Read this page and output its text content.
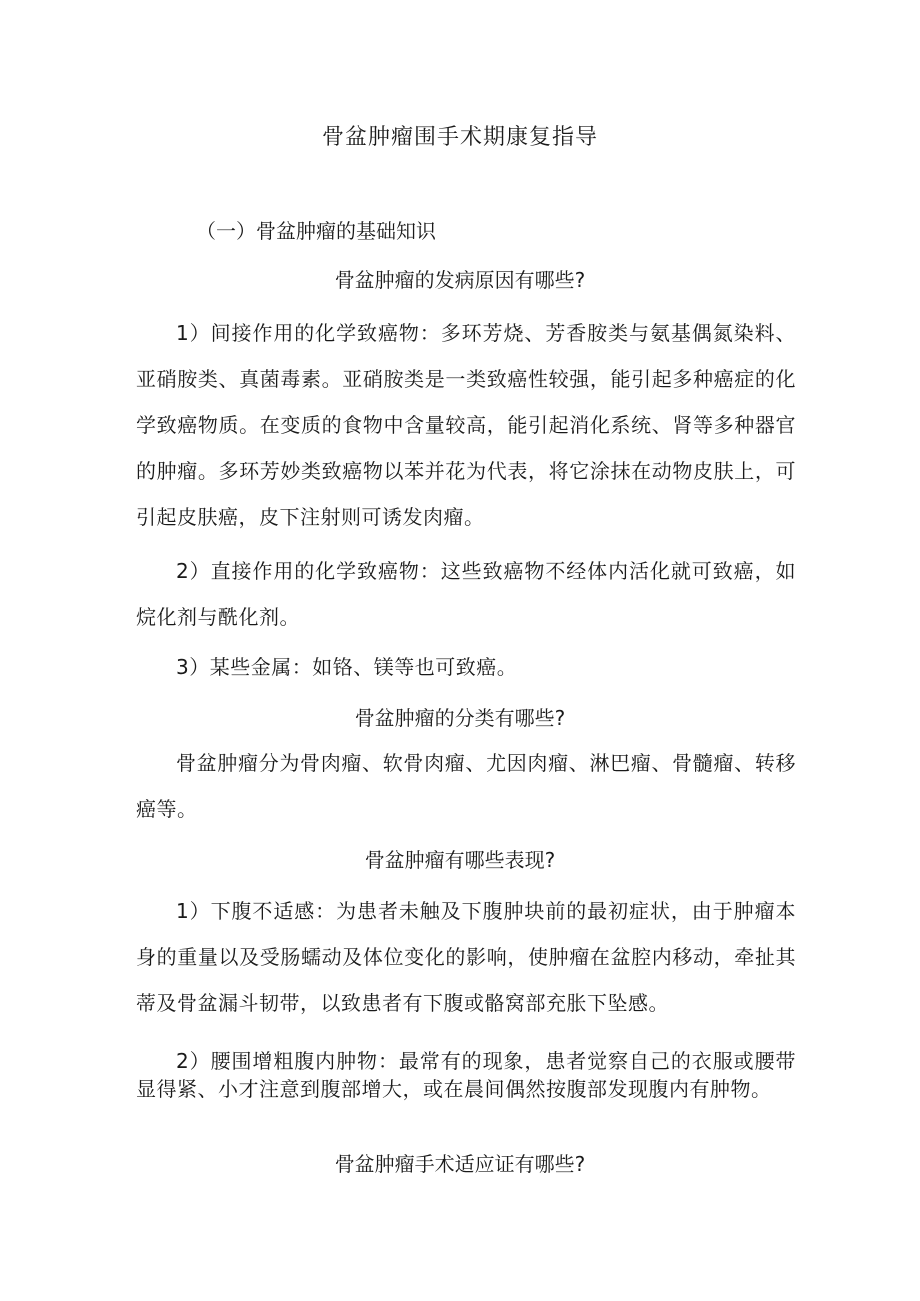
骨盆肿瘤围手术期康复指导
（一）骨盆肿瘤的基础知识
骨盆肿瘤的发病原因有哪些?
1）间接作用的化学致癌物：多环芳烧、芳香胺类与氨基偶氮染料、亚硝胺类、真菌毒素。亚硝胺类是一类致癌性较强，能引起多种癌症的化学致癌物质。在变质的食物中含量较高，能引起消化系统、肾等多种器官的肿瘤。多环芳妙类致癌物以苯并花为代表，将它涂抹在动物皮肤上，可引起皮肤癌，皮下注射则可诱发肉瘤。
2）直接作用的化学致癌物：这些致癌物不经体内活化就可致癌，如烷化剂与酰化剂。
3）某些金属：如铬、镁等也可致癌。
骨盆肿瘤的分类有哪些?
骨盆肿瘤分为骨肉瘤、软骨肉瘤、尤因肉瘤、淋巴瘤、骨髓瘤、转移癌等。
骨盆肿瘤有哪些表现?
1）下腹不适感：为患者未触及下腹肿块前的最初症状，由于肿瘤本身的重量以及受肠蠕动及体位变化的影响，使肿瘤在盆腔内移动，牵扯其蒂及骨盆漏斗韧带，以致患者有下腹或骼窝部充胀下坠感。
2）腰围增粗腹内肿物：最常有的现象，患者觉察自己的衣服或腰带显得紧、小才注意到腹部增大，或在晨间偶然按腹部发现腹内有肿物。
骨盆肿瘤手术适应证有哪些?
